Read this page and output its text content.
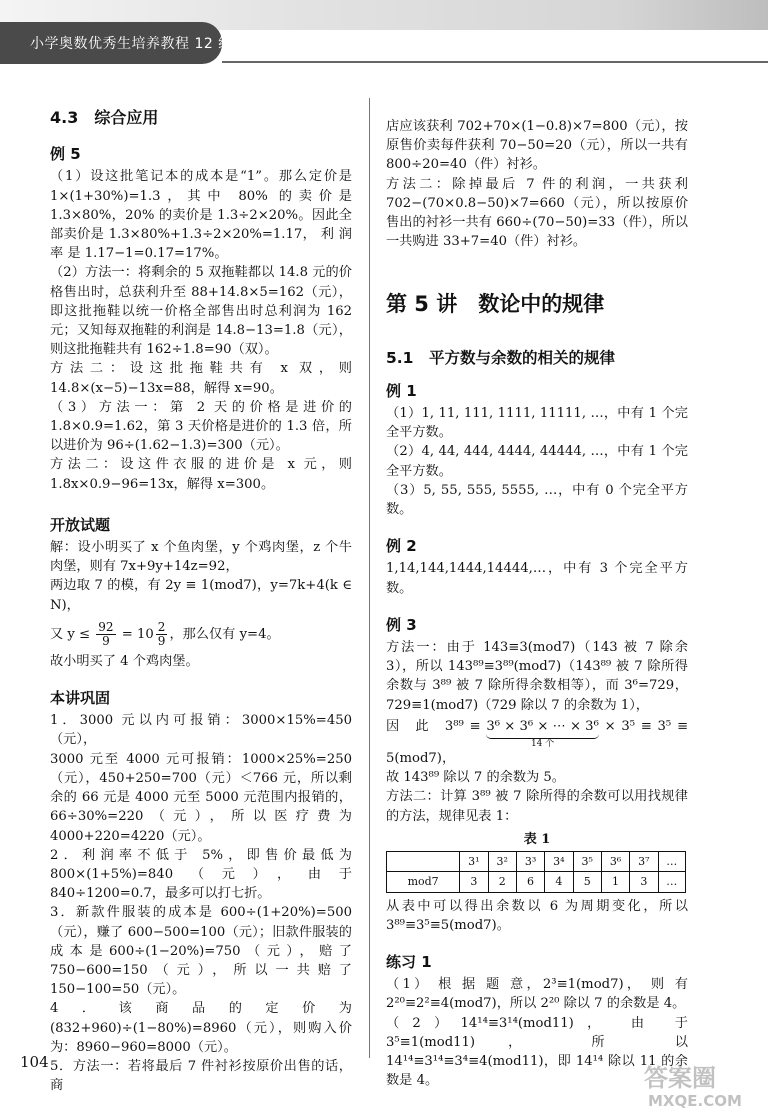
小学奥数优秀生培养教程 12 级
4.3　综合应用
例 5

（1）设这批笔记本的成本是“1”。那么定价是1×(1+30%)=1.3，其中 80% 的卖价是 1.3×80%，20% 的卖价是 1.3÷2×20%。因此全部卖价是 1.3×80%+1.3÷2×20%=1.17， 利 润 率 是 1.17−1=0.17=17%。

（2）方法一：将剩余的 5 双拖鞋都以 14.8 元的价格售出时，总获利升至 88+14.8×5=162（元），即这批拖鞋以统一价格全部售出时总利润为 162元；又知每双拖鞋的利润是 14.8−13=1.8（元），则这批拖鞋共有 162÷1.8=90（双）。

方法二：设这批拖鞋共有 x 双，则 14.8×(x−5)−13x=88，解得 x=90。

（3）方法一：第 2 天的价格是进价的 1.8×0.9=1.62，第 3 天价格是进价的 1.3 倍，所以进价为 96÷(1.62−1.3)=300（元）。

方法二：设这件衣服的进价是 x 元，则 1.8x×0.9−96=13x，解得 x=300。

开放试题

解：设小明买了 x 个鱼肉堡，y 个鸡肉堡，z 个牛肉堡，则有 7x+9y+14z=92，

两边取 7 的模，有 2y ≡ 1(mod7)，y=7k+4(k ∈ N)，

又 $y \le \frac{92}{9} = 10 \frac{2}{9}$ ，那么仅有 y=4。

故小明买了 4 个鸡肉堡。

本讲巩固

1．3000 元以内可报销：3000×15%=450（元），

3000 元至 4000 元可报销：1000×25%=250（元），450+250=700（元）＜766 元，所以剩余的 66 元是 4000 元至 5000 元范围内报销的，66÷30%=220（元），所以医疗费为 4000+220=4220（元）。

2．利润率不低于 5%，即售价最低为 800×(1+5%)=840（元），由于 840÷1200=0.7，最多可以打七折。

3．新款件服装的成本是 600÷(1+20%)=500（元），赚了 600−500=100（元）；旧款件服装的成本是600÷(1−20%)=750（元），赔了 750−600=150（元），所以一共赔了 150−100=50（元）。

4．该商品的定价为 (832+960)÷(1−80%)=8960（元），则购入价为：8960−960=8000（元）。

5．方法一：若将最后 7 件衬衫按原价出售的话，商

店应该获利 702+70×(1−0.8)×7=800（元），按原售价卖每件获利 70−50=20（元），所以一共有800÷20=40（件）衬衫。

方法二：除掉最后 7 件的利润，一共获利 702−(70×0.8−50)×7=660（元），所以按原价售出的衬衫一共有 660÷(70−50)=33（件），所以一共购进 33+7=40（件）衬衫。

第 5 讲　数论中的规律
5.1　平方数与余数的相关的规律
例 1

（1）1, 11, 111, 1111, 11111, …，中有 1 个完全平方数。

（2）4, 44, 444, 4444, 44444, …，中有 1 个完全平方数。

（3）5, 55, 555, 5555, …，中有 0 个完全平方数。

例 2

1,14,144,1444,14444,…，中有 3 个完全平方数。

例 3

方法一：由于 143≡3(mod7)（143 被 7 除余 3），所以 143⁸⁹≡3⁸⁹(mod7)（143⁸⁹ 被 7 除所得余数与 3⁸⁹ 被 7 除所得余数相等），而 3⁶=729，729≡1(mod7)（729 除以 7 的余数为 1），

因　此　3⁸⁹ ≡ 3⁶ × 3⁶ × ⋯ × 3⁶
14 个
× 3⁵ ≡ 3⁵ ≡ 5(mod7)，

故 143⁸⁹ 除以 7 的余数为 5。

方法二：计算 3⁸⁹ 被 7 除所得的余数可以用找规律的方法，规律见表 1：

表 1
	3¹	3²	3³	3⁴	3⁵	3⁶	3⁷	…
mod7	3	2	6	4	5	1	3	…

从表中可以得出余数以 6 为周期变化，所以3⁸⁹≡3⁵≡5(mod7)。

练习 1

（1） 根 据 题 意，2³≡1(mod7)， 则 有 2²⁰≡2²≡4(mod7)，所以 2²⁰ 除以 7 的余数是 4。

（2）14¹⁴≡3¹⁴(mod11)， 由 于 3⁵≡1(mod11)， 所 以 14¹⁴≡3¹⁴≡3⁴≡4(mod11)，即 14¹⁴ 除以 11 的余数是 4。

104
答案圈
MXQE.COM
